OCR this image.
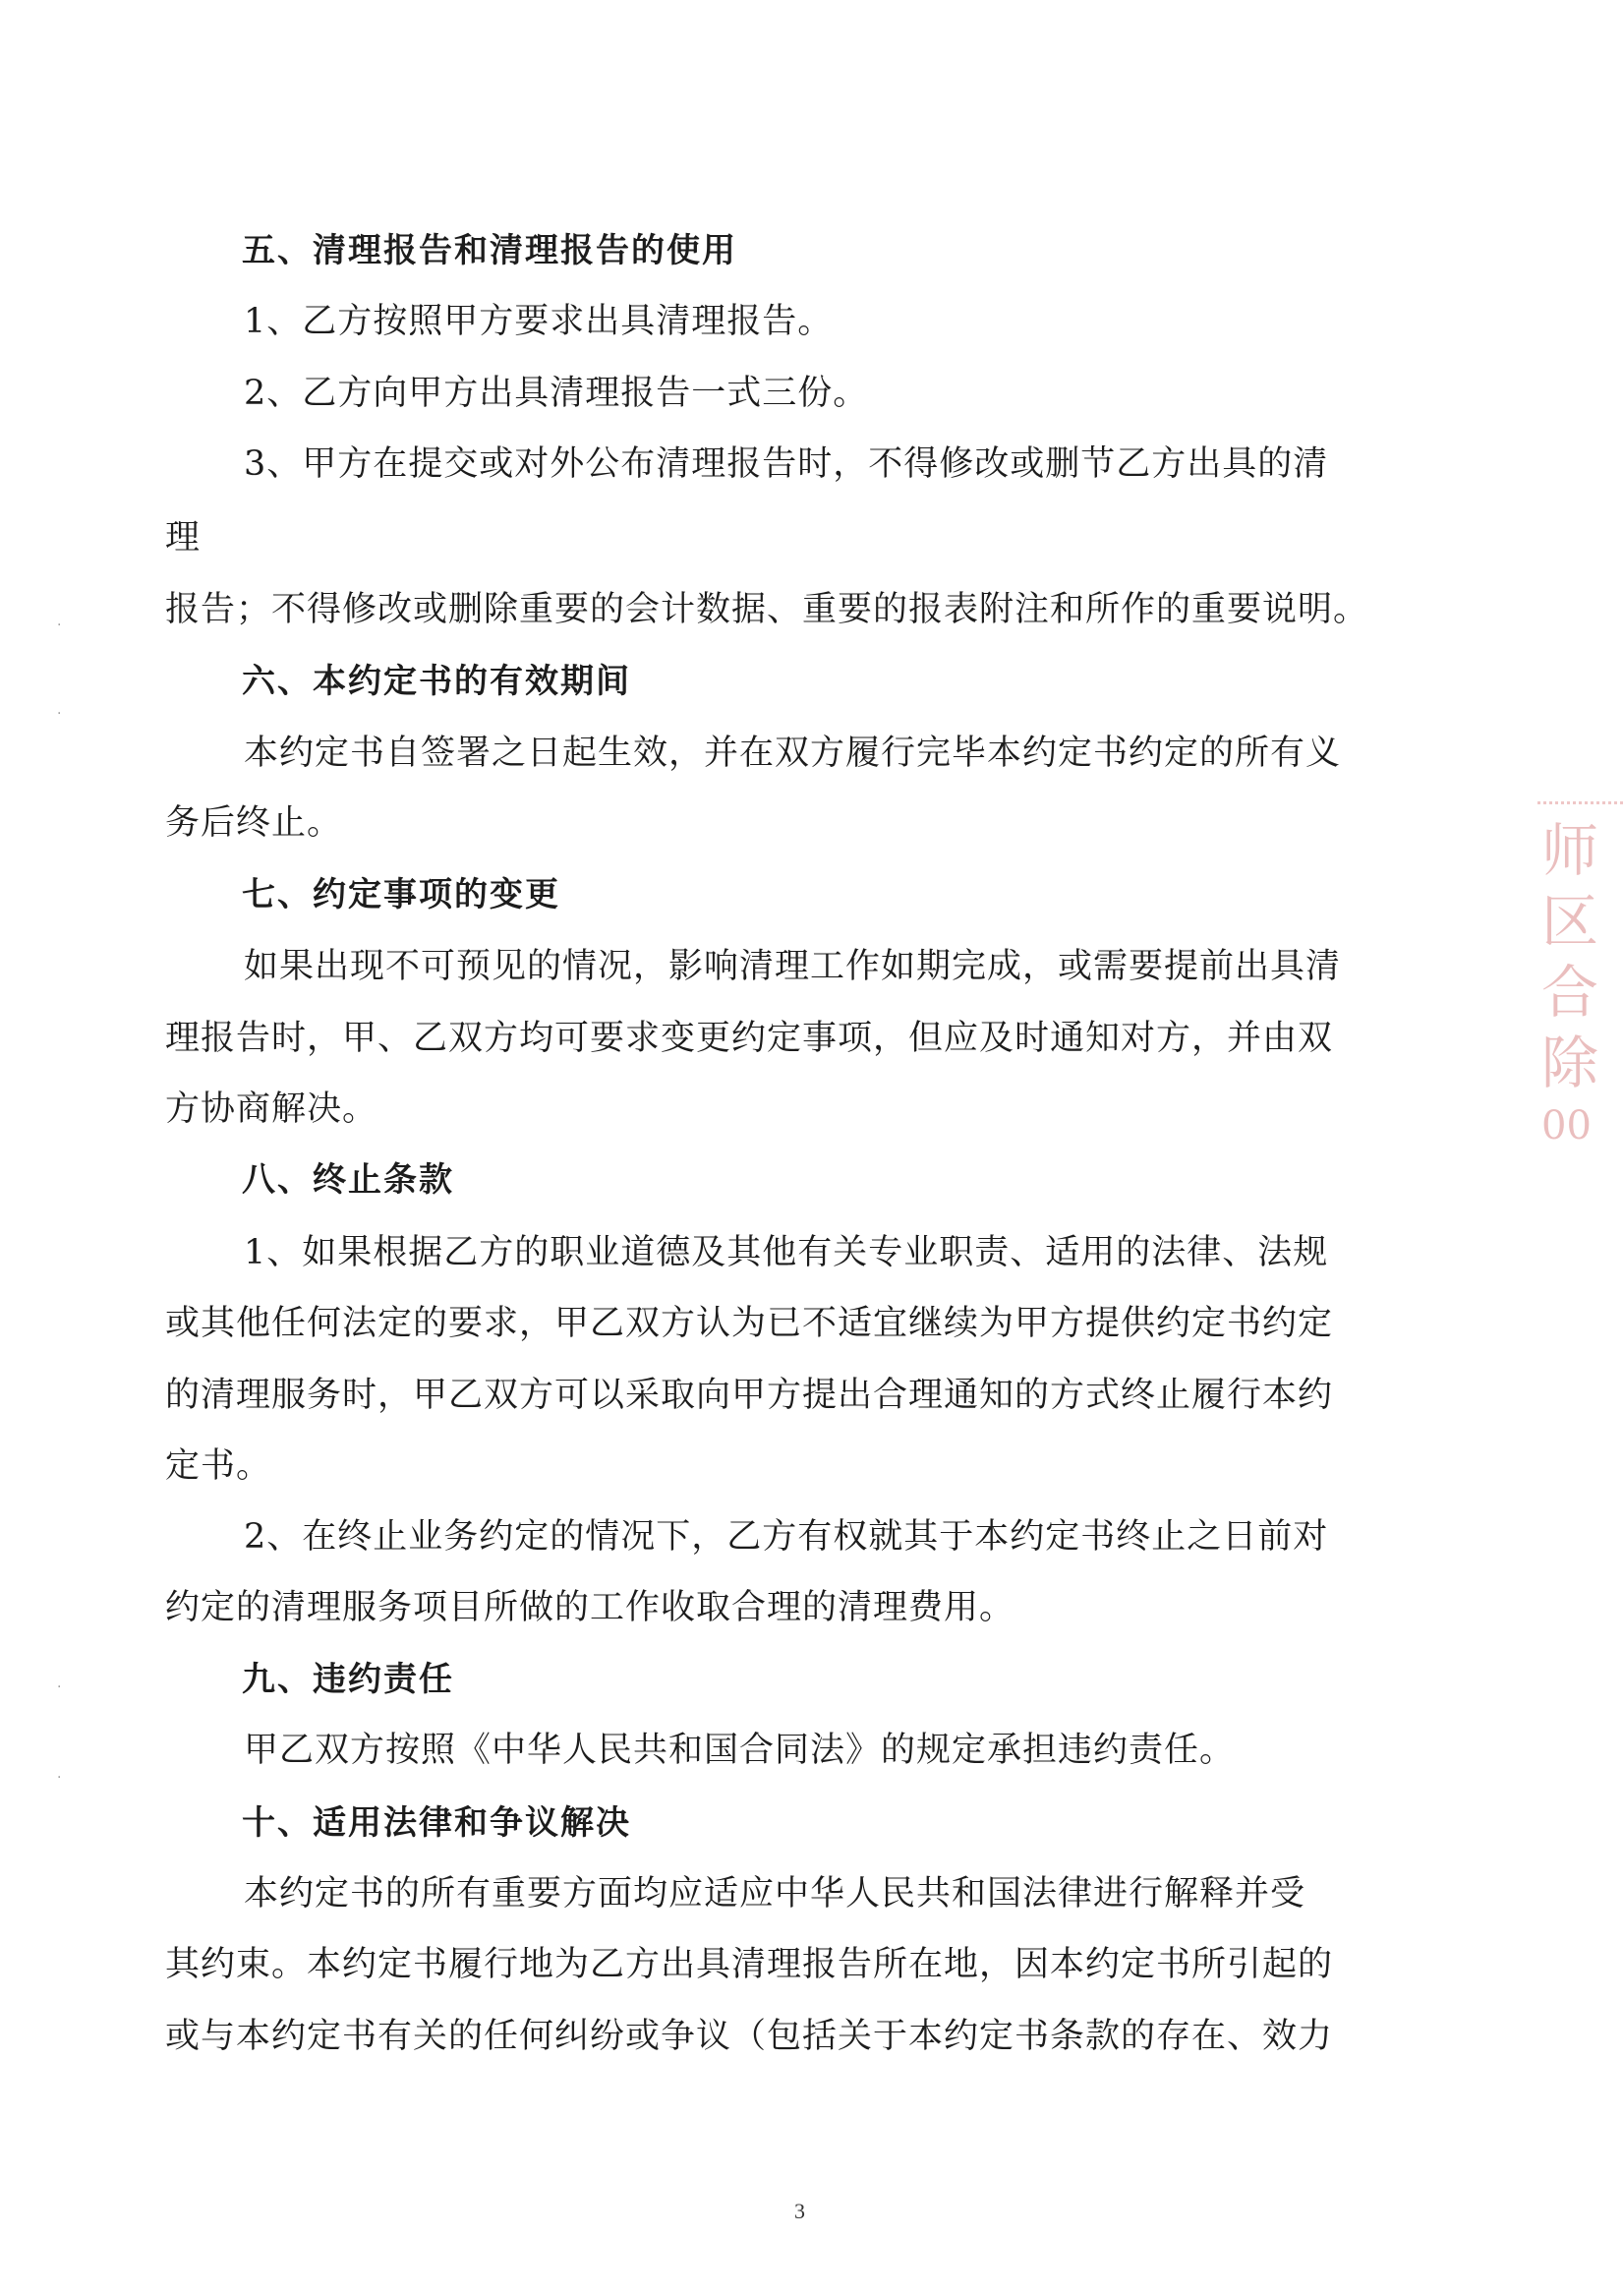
五、清理报告和清理报告的使用
1、乙方按照甲方要求出具清理报告。
2、乙方向甲方出具清理报告一式三份。
3、甲方在提交或对外公布清理报告时，不得修改或删节乙方出具的清
理
报告；不得修改或删除重要的会计数据、重要的报表附注和所作的重要说明。
六、本约定书的有效期间
本约定书自签署之日起生效，并在双方履行完毕本约定书约定的所有义
务后终止。
七、约定事项的变更
如果出现不可预见的情况，影响清理工作如期完成，或需要提前出具清
理报告时，甲、乙双方均可要求变更约定事项，但应及时通知对方，并由双
方协商解决。
八、终止条款
1、如果根据乙方的职业道德及其他有关专业职责、适用的法律、法规
或其他任何法定的要求，甲乙双方认为已不适宜继续为甲方提供约定书约定
的清理服务时，甲乙双方可以采取向甲方提出合理通知的方式终止履行本约
定书。
2、在终止业务约定的情况下，乙方有权就其于本约定书终止之日前对
约定的清理服务项目所做的工作收取合理的清理费用。
九、违约责任
甲乙双方按照《中华人民共和国合同法》的规定承担违约责任。
十、适用法律和争议解决
本约定书的所有重要方面均应适应中华人民共和国法律进行解释并受
其约束。本约定书履行地为乙方出具清理报告所在地，因本约定书所引起的
或与本约定书有关的任何纠纷或争议（包括关于本约定书条款的存在、效力
师
区
合
除
00
·
·
·
·
3
